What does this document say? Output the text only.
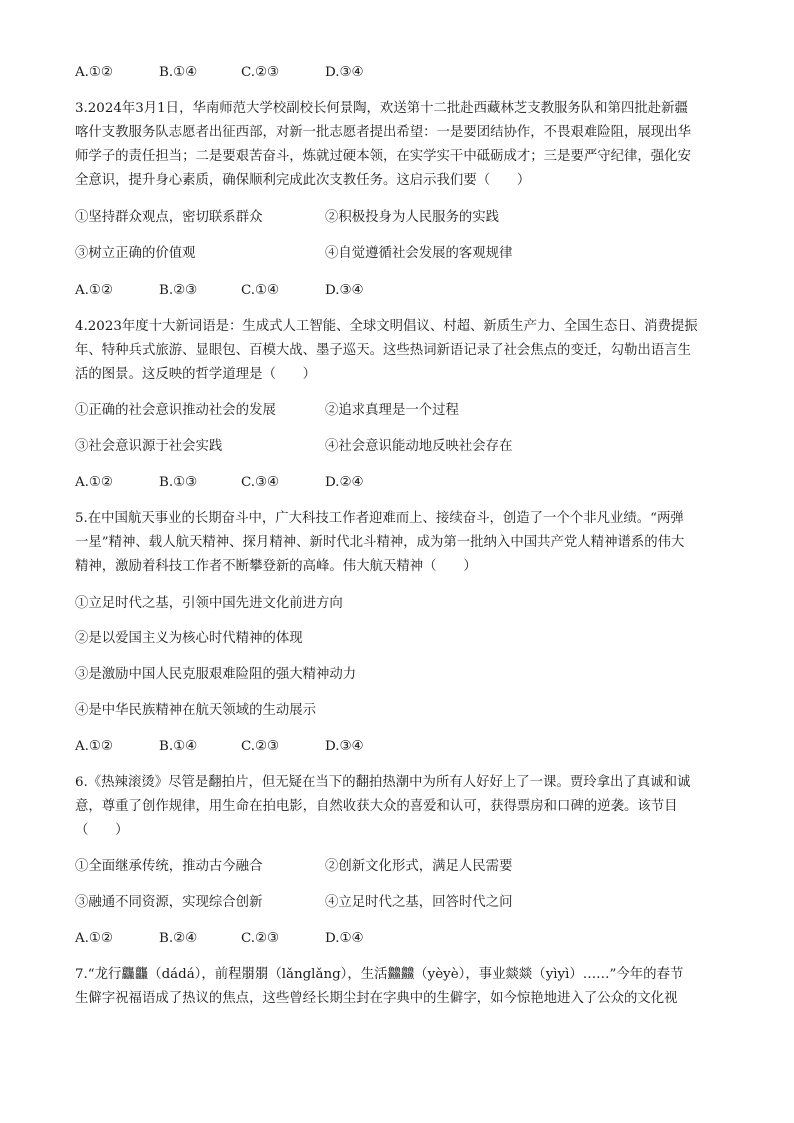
A.①②	B.①④	C.②③	D.③④
3.2024年3月1日，华南师范大学校副校长何景陶，欢送第十二批赴西藏林芝支教服务队和第四批赴新疆
喀什支教服务队志愿者出征西部，对新一批志愿者提出希望：一是要团结协作，不畏艰难险阻，展现出华
师学子的责任担当；二是要艰苦奋斗，炼就过硬本领，在实学实干中砥砺成才；三是要严守纪律，强化安
全意识，提升身心素质，确保顺利完成此次支教任务。这启示我们要（　　）
①坚持群众观点，密切联系群众	②积极投身为人民服务的实践
③树立正确的价值观	④自觉遵循社会发展的客观规律
A.①②	B.②③	C.①④	D.③④
4.2023年度十大新词语是：生成式人工智能、全球文明倡议、村超、新质生产力、全国生态日、消费提振
年、特种兵式旅游、显眼包、百模大战、墨子巡天。这些热词新语记录了社会焦点的变迁，勾勒出语言生
活的图景。这反映的哲学道理是（　　）
①正确的社会意识推动社会的发展	②追求真理是一个过程
③社会意识源于社会实践	④社会意识能动地反映社会存在
A.①②	B.①③	C.③④	D.②④
5.在中国航天事业的长期奋斗中，广大科技工作者迎难而上、接续奋斗，创造了一个个非凡业绩。“两弹
一星”精神、载人航天精神、探月精神、新时代北斗精神，成为第一批纳入中国共产党人精神谱系的伟大
精神，激励着科技工作者不断攀登新的高峰。伟大航天精神（　　）
①立足时代之基，引领中国先进文化前进方向
②是以爱国主义为核心时代精神的体现
③是激励中国人民克服艰难险阻的强大精神动力
④是中华民族精神在航天领域的生动展示
A.①②	B.①④	C.②③	D.③④
6.《热辣滚烫》尽管是翻拍片，但无疑在当下的翻拍热潮中为所有人好好上了一课。贾玲拿出了真诚和诚
意，尊重了创作规律，用生命在拍电影，自然收获大众的喜爱和认可，获得票房和口碑的逆袭。该节目
（　　）
①全面继承传统，推动古今融合	②创新文化形式，满足人民需要
③融通不同资源，实现综合创新	④立足时代之基，回答时代之问
A.①②	B.②④	C.②③	D.①④
7.“龙行龘龘（dádá），前程朤朤（lǎnglǎng），生活䲜䲜（yèyè），事业燚燚（yìyì）……”今年的春节
生僻字祝福语成了热议的焦点，这些曾经长期尘封在字典中的生僻字，如今惊艳地进入了公众的文化视
